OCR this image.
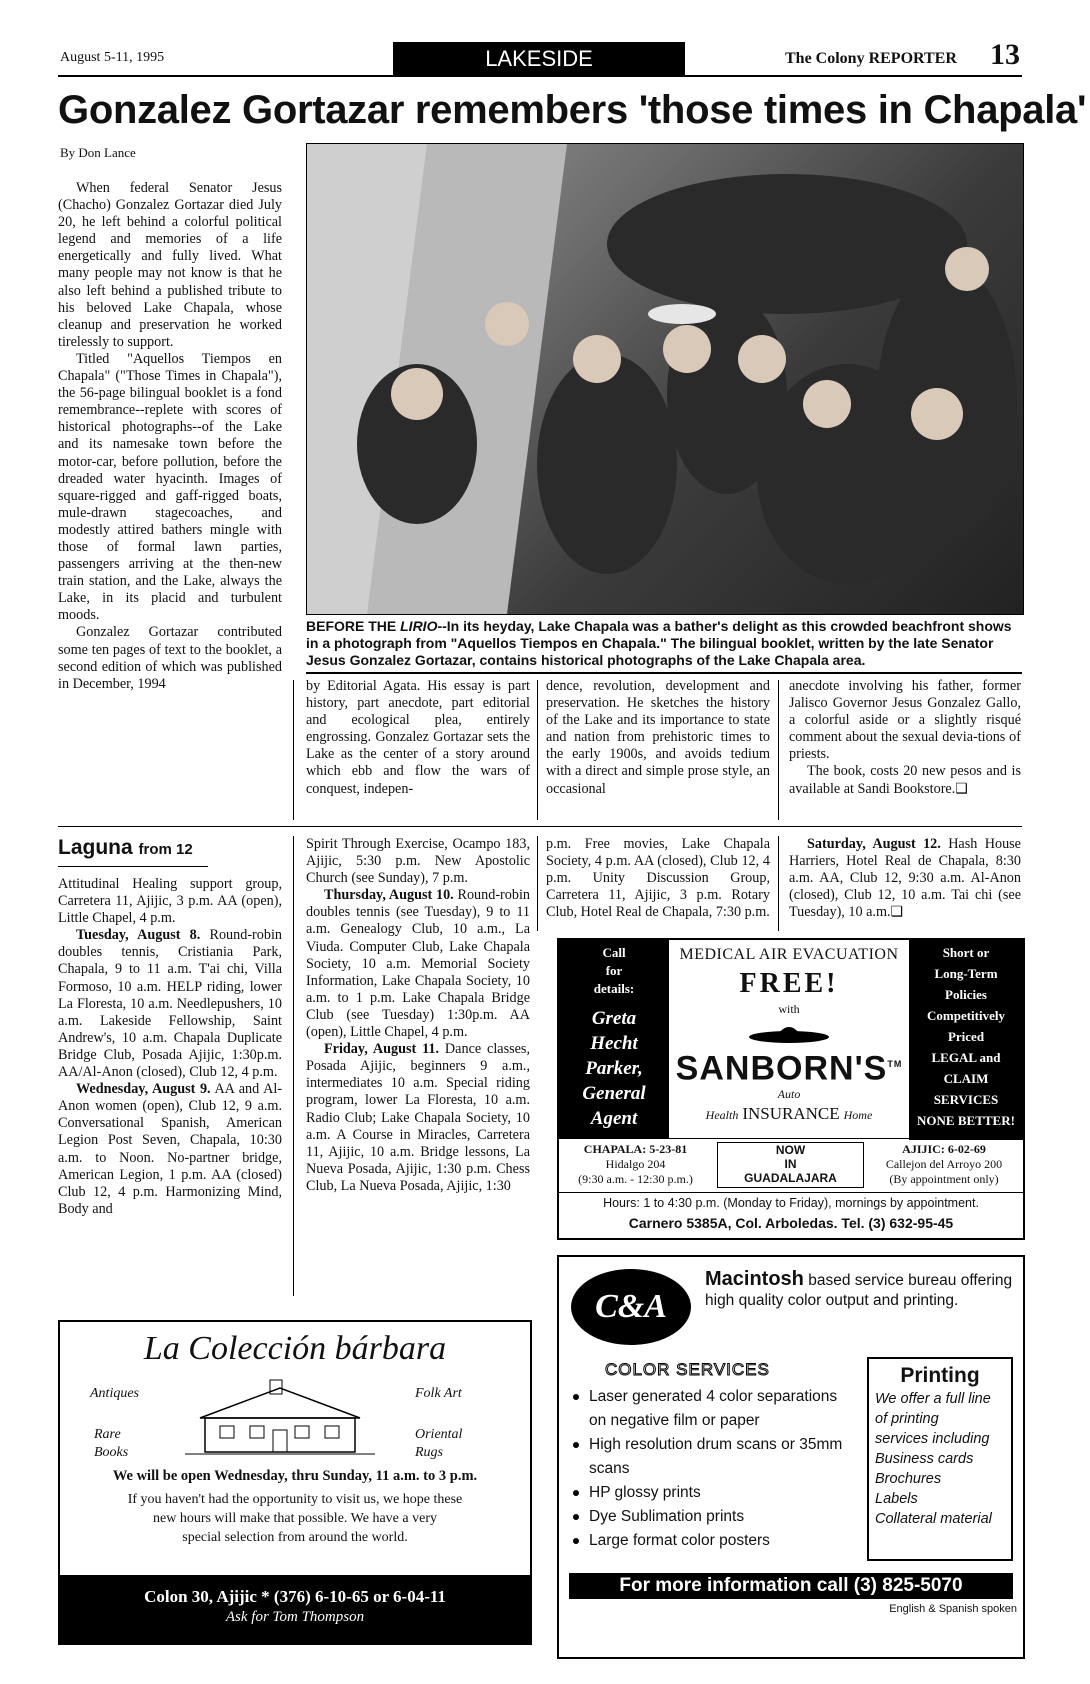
August 5-11, 1995	LAKESIDE	The Colony REPORTER 13
Gonzalez Gortazar remembers 'those times in Chapala'
By Don Lance

When federal Senator Jesus (Chacho) Gonzalez Gortazar died July 20, he left behind a colorful political legend and memories of a life energetically and fully lived. What many people may not know is that he also left behind a published tribute to his beloved Lake Chapala, whose cleanup and preservation he worked tirelessly to support.

Titled "Aquellos Tiempos en Chapala" ("Those Times in Chapala"), the 56-page bilingual booklet is a fond remembrance--replete with scores of historical photographs--of the Lake and its namesake town before the motor-car, before pollution, before the dreaded water hyacinth. Images of square-rigged and gaff-rigged boats, mule-drawn stagecoaches, and modestly attired bathers mingle with those of formal lawn parties, passengers arriving at the then-new train station, and the Lake, always the Lake, in its placid and turbulent moods.

Gonzalez Gortazar contributed some ten pages of text to the booklet, a second edition of which was published in December, 1994

BEFORE THE LIRIO--In its heyday, Lake Chapala was a bather's delight as this crowded beachfront shows in a photograph from "Aquellos Tiempos en Chapala." The bilingual booklet, written by the late Senator Jesus Gonzalez Gortazar, contains historical photographs of the Lake Chapala area.
by Editorial Agata. His essay is part history, part anecdote, part editorial and ecological plea, entirely engrossing. Gonzalez Gortazar sets the Lake as the center of a story around which ebb and flow the wars of conquest, indepen-
dence, revolution, development and preservation. He sketches the history of the Lake and its importance to state and nation from prehistoric times to the early 1900s, and avoids tedium with a direct and simple prose style, an occasional
anecdote involving his father, former Jalisco Governor Jesus Gonzalez Gallo, a colorful aside or a slightly risqué comment about the sexual devia-tions of priests.

The book, costs 20 new pesos and is available at Sandi Bookstore.❑

Laguna from 12
Attitudinal Healing support group, Carretera 11, Ajijic, 3 p.m. AA (open), Little Chapel, 4 p.m.

Tuesday, August 8. Round-robin doubles tennis, Cristiania Park, Chapala, 9 to 11 a.m. T'ai chi, Villa Formoso, 10 a.m. HELP riding, lower La Floresta, 10 a.m. Needlepushers, 10 a.m. Lakeside Fellowship, Saint Andrew's, 10 a.m. Chapala Duplicate Bridge Club, Posada Ajijic, 1:30p.m. AA/Al-Anon (closed), Club 12, 4 p.m.

Wednesday, August 9. AA and Al-Anon women (open), Club 12, 9 a.m. Conversational Spanish, American Legion Post Seven, Chapala, 10:30 a.m. to Noon. No-partner bridge, American Legion, 1 p.m. AA (closed) Club 12, 4 p.m. Harmonizing Mind, Body and

Spirit Through Exercise, Ocampo 183, Ajijic, 5:30 p.m. New Apostolic Church (see Sunday), 7 p.m.

Thursday, August 10. Round-robin doubles tennis (see Tuesday), 9 to 11 a.m. Genealogy Club, 10 a.m., La Viuda. Computer Club, Lake Chapala Society, 10 a.m. Memorial Society Information, Lake Chapala Society, 10 a.m. to 1 p.m. Lake Chapala Bridge Club (see Tuesday) 1:30p.m. AA (open), Little Chapel, 4 p.m.

Friday, August 11. Dance classes, Posada Ajijic, beginners 9 a.m., intermediates 10 a.m. Special riding program, lower La Floresta, 10 a.m. Radio Club; Lake Chapala Society, 10 a.m. A Course in Miracles, Carretera 11, Ajijic, 10 a.m. Bridge lessons, La Nueva Posada, Ajijic, 1:30 p.m. Chess Club, La Nueva Posada, Ajijic, 1:30

p.m. Free movies, Lake Chapala Society, 4 p.m. AA (closed), Club 12, 4 p.m. Unity Discussion Group, Carretera 11, Ajijic, 3 p.m. Rotary Club, Hotel Real de Chapala, 7:30 p.m.

Saturday, August 12. Hash House Harriers, Hotel Real de Chapala, 8:30 a.m. AA, Club 12, 9:30 a.m. Al-Anon (closed), Club 12, 10 a.m. Tai chi (see Tuesday), 10 a.m.❑

Call
for
details:
Greta
Hecht
Parker,
General
Agent
MEDICAL AIR EVACUATION
FREE!
with
SANBORN'S™
Auto
Health INSURANCE Home
Short or
Long-Term
Policies
Competitively
Priced
LEGAL and
CLAIM
SERVICES
NONE BETTER!
CHAPALA: 5-23-81
Hidalgo 204
(9:30 a.m. - 12:30 p.m.)
NOW
IN
GUADALAJARA
AJIJIC: 6-02-69
Callejon del Arroyo 200
(By appointment only)
Hours: 1 to 4:30 p.m. (Monday to Friday), mornings by appointment.
Carnero 5385A, Col. Arboledas. Tel. (3) 632-95-45
C&A
Macintosh based service bureau offering high quality color output and printing.
COLOR SERVICES
Laser generated 4 color separations
on negative film or paper
High resolution drum scans or 35mm
scans
HP glossy prints
Dye Sublimation prints
Large format color posters
Printing
We offer a full line
of printing
services including
Business cards
Brochures
Labels
Collateral material
For more information call (3) 825-5070
English & Spanish spoken
La Colección bárbara
Antiques
Rare
Books
Folk Art
Oriental
Rugs
We will be open Wednesday, thru Sunday, 11 a.m. to 3 p.m.
If you haven't had the opportunity to visit us, we hope these
new hours will make that possible. We have a very
special selection from around the world.
Colon 30, Ajijic * (376) 6-10-65 or 6-04-11
Ask for Tom Thompson
